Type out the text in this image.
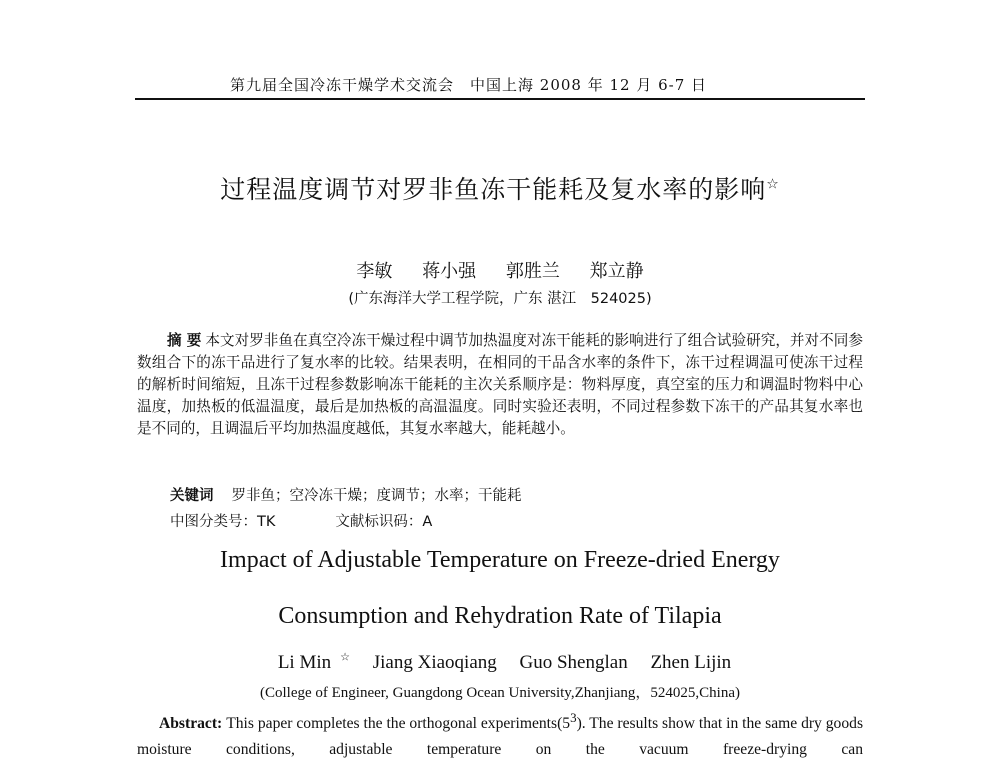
第九届全国冷冻干燥学术交流会　中国上海 2008 年 12 月 6-7 日
过程温度调节对罗非鱼冻干能耗及复水率的影响☆
李敏 蒋小强 郭胜兰 郑立静
(广东海洋大学工程学院，广东 湛江　524025)

摘 要 本文对罗非鱼在真空冷冻干燥过程中调节加热温度对冻干能耗的影响进行了组合试验研究，并对不同参数组合下的冻干品进行了复水率的比较。结果表明，在相同的干品含水率的条件下，冻干过程调温可使冻干过程的解析时间缩短，且冻干过程参数影响冻干能耗的主次关系顺序是：物料厚度，真空室的压力和调温时物料中心温度，加热板的低温温度，最后是加热板的高温温度。同时实验还表明，不同过程参数下冻干的产品其复水率也是不同的，且调温后平均加热温度越低，其复水率越大，能耗越小。

关键词 罗非鱼；空冷冻干燥；度调节；水率；干能耗
中图分类号：TK	文献标识码：A
Impact of Adjustable Temperature on Freeze-dried Energy
Consumption and Rehydration Rate of Tilapia
Li Min ☆ Jiang Xiaoqiang Guo Shenglan Zhen Lijin
(College of Engineer, Guangdong Ocean University,Zhanjiang，524025,China)

Abstract: This paper completes the the orthogonal $experiments(5^3)$. The results show that in the same dry goods moisture conditions, adjustable temperature on the vacuum freeze-drying can
